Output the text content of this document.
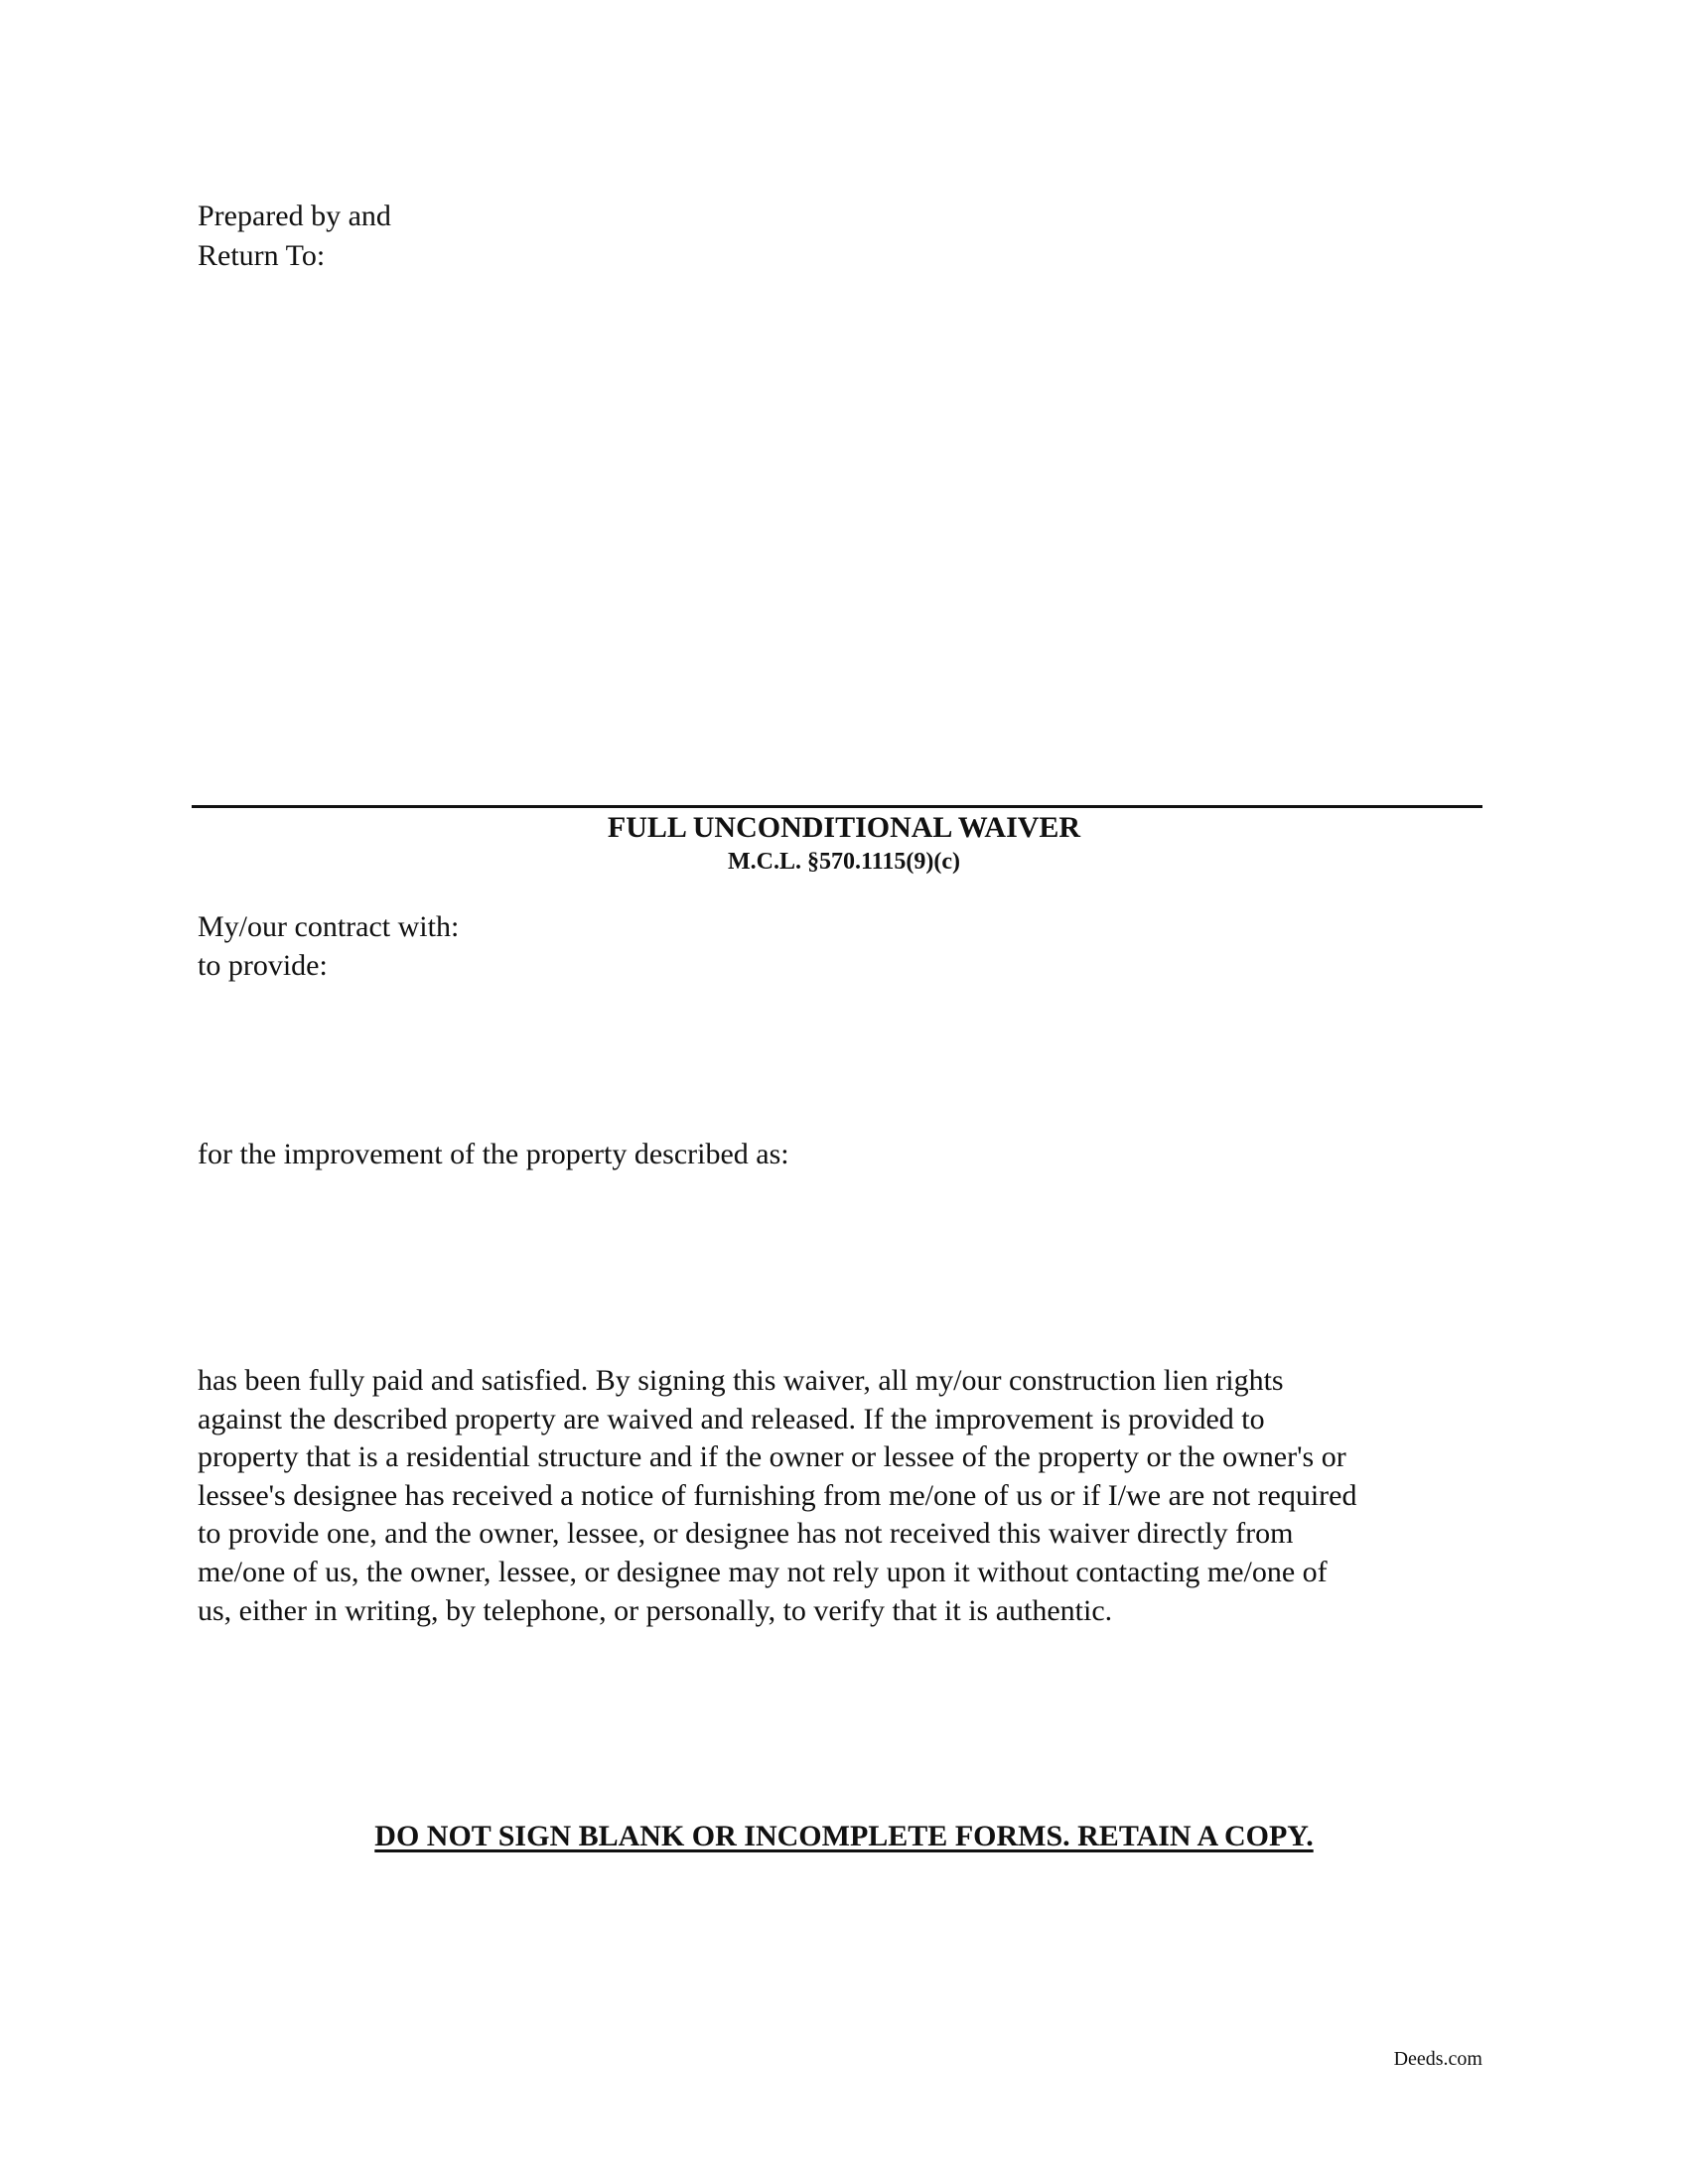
Prepared by and
Return To:
FULL UNCONDITIONAL WAIVER
M.C.L. §570.1115(9)(c)
My/our contract with:
to provide:
for the improvement of the property described as:
has been fully paid and satisfied. By signing this waiver, all my/our construction lien rights
against the described property are waived and released. If the improvement is provided to
property that is a residential structure and if the owner or lessee of the property or the owner's or
lessee's designee has received a notice of furnishing from me/one of us or if I/we are not required
to provide one, and the owner, lessee, or designee has not received this waiver directly from
me/one of us, the owner, lessee, or designee may not rely upon it without contacting me/one of
us, either in writing, by telephone, or personally, to verify that it is authentic.
DO NOT SIGN BLANK OR INCOMPLETE FORMS. RETAIN A COPY.
Deeds.com
